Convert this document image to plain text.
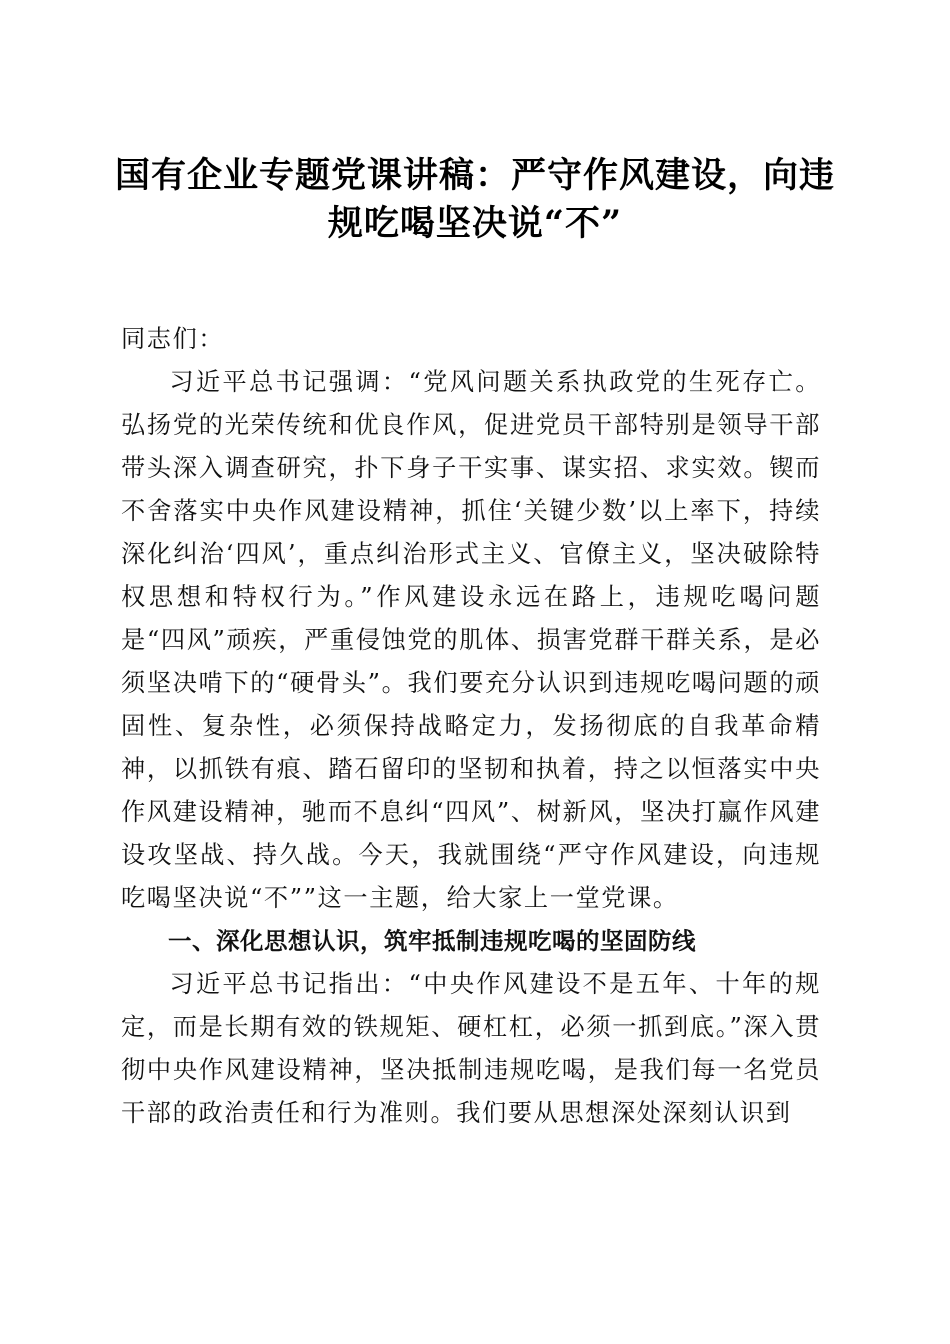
国有企业专题党课讲稿：严守作风建设，向违规吃喝坚决说“不”

同志们：

习近平总书记强调：“党风问题关系执政党的生死存亡。弘扬党的光荣传统和优良作风，促进党员干部特别是领导干部带头深入调查研究，扑下身子干实事、谋实招、求实效。锲而不舍落实中央作风建设精神，抓住‘关键少数’以上率下，持续深化纠治‘四风’，重点纠治形式主义、官僚主义，坚决破除特权思想和特权行为。”作风建设永远在路上，违规吃喝问题是“四风”顽疾，严重侵蚀党的肌体、损害党群干群关系，是必须坚决啃下的“硬骨头”。我们要充分认识到违规吃喝问题的顽固性、复杂性，必须保持战略定力，发扬彻底的自我革命精神，以抓铁有痕、踏石留印的坚韧和执着，持之以恒落实中央作风建设精神，驰而不息纠“四风”、树新风，坚决打赢作风建设攻坚战、持久战。今天，我就围绕“严守作风建设，向违规吃喝坚决说“不””这一主题，给大家上一堂党课。

一、深化思想认识，筑牢抵制违规吃喝的坚固防线

习近平总书记指出：“中央作风建设不是五年、十年的规定，而是长期有效的铁规矩、硬杠杠，必须一抓到底。”深入贯彻中央作风建设精神，坚决抵制违规吃喝，是我们每一名党员干部的政治责任和行为准则。我们要从思想深处深刻认识到
